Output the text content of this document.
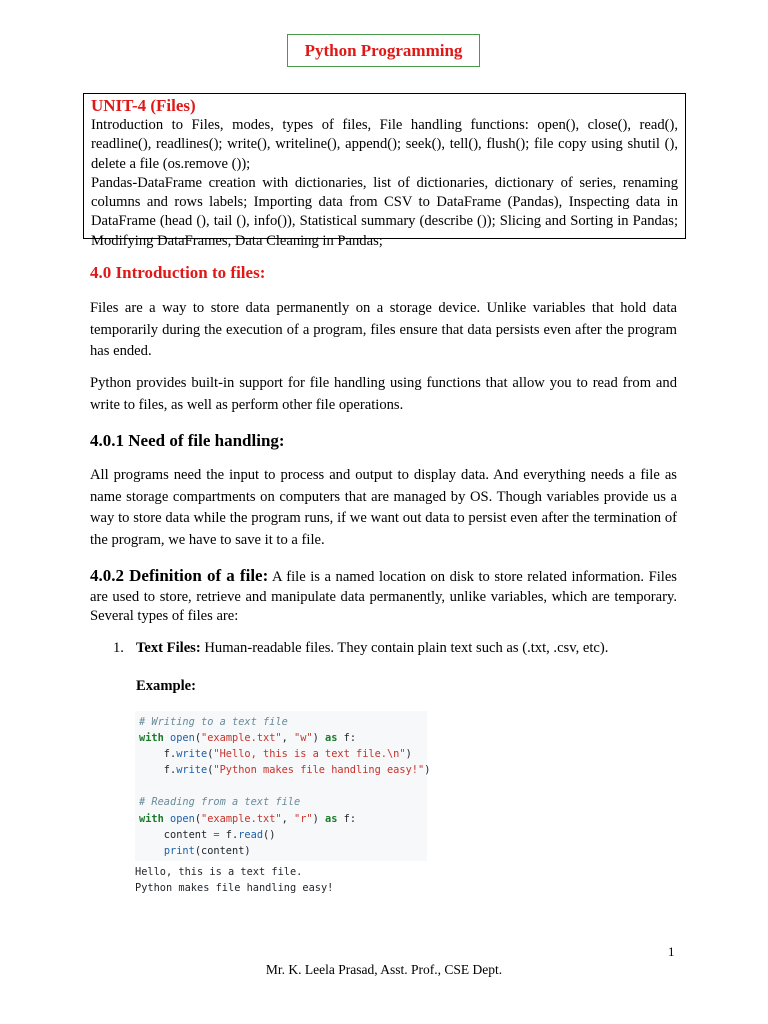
Python Programming
UNIT-4 (Files)
Introduction to Files, modes, types of files, File handling functions: open(), close(), read(), readline(), readlines(); write(), writeline(), append(); seek(), tell(), flush(); file copy using shutil (), delete a file (os.remove ());
Pandas-DataFrame creation with dictionaries, list of dictionaries, dictionary of series, renaming columns and rows labels; Importing data from CSV to DataFrame (Pandas), Inspecting data in DataFrame (head (), tail (), info()), Statistical summary (describe ()); Slicing and Sorting in Pandas; Modifying DataFrames, Data Cleaning in Pandas;
4.0 Introduction to files:

Files are a way to store data permanently on a storage device. Unlike variables that hold data temporarily during the execution of a program, files ensure that data persists even after the program has ended.

Python provides built-in support for file handling using functions that allow you to read from and write to files, as well as perform other file operations.

4.0.1 Need of file handling:

All programs need the input to process and output to display data. And everything needs a file as name storage compartments on computers that are managed by OS. Though variables provide us a way to store data while the program runs, if we want out data to persist even after the termination of the program, we have to save it to a file.

4.0.2 Definition of a file: A file is a named location on disk to store related information. Files are used to store, retrieve and manipulate data permanently, unlike variables, which are temporary. Several types of files are:

1. Text Files: Human-readable files. They contain plain text such as (.txt, .csv, etc).
Example:
# Writing to a text file
with open("example.txt", "w") as f:
f.write("Hello, this is a text file.\n")
f.write("Python makes file handling easy!")

# Reading from a text file
with open("example.txt", "r") as f:
content = f.read()
print(content)
Hello, this is a text file.
Python makes file handling easy!
1
Mr. K. Leela Prasad, Asst. Prof., CSE Dept.
